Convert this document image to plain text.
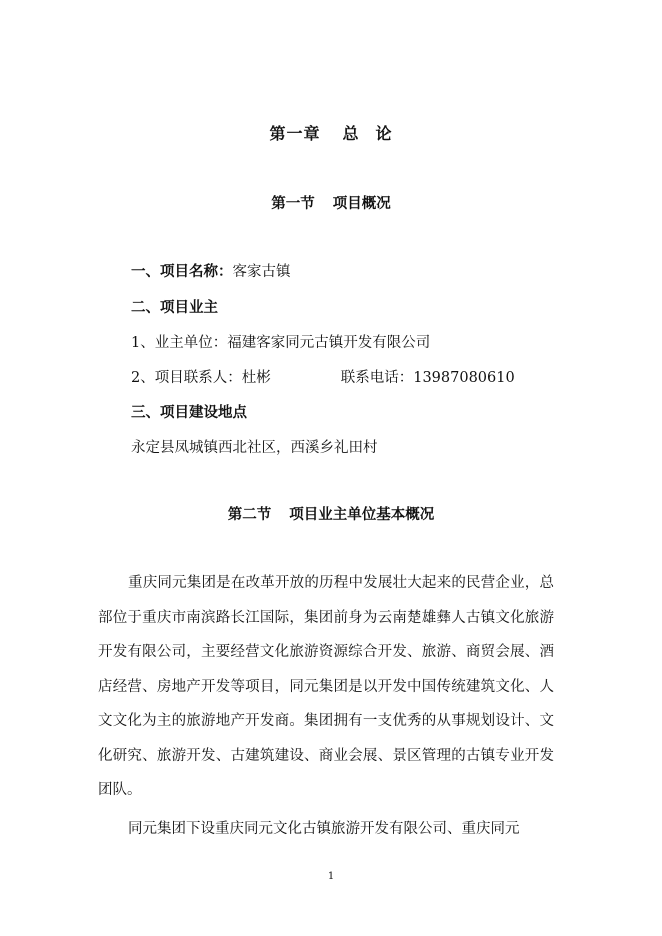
第一章 总 论
第一节 项目概况
一、项目名称：客家古镇
二、项目业主
1、业主单位：福建客家同元古镇开发有限公司
2、项目联系人：杜彬	联系电话：13987080610
三、项目建设地点
永定县凤城镇西北社区，西溪乡礼田村
第二节 项目业主单位基本概况
重庆同元集团是在改革开放的历程中发展壮大起来的民营企业，总部位于重庆市南滨路长江国际，集团前身为云南楚雄彝人古镇文化旅游开发有限公司，主要经营文化旅游资源综合开发、旅游、商贸会展、酒店经营、房地产开发等项目，同元集团是以开发中国传统建筑文化、人文文化为主的旅游地产开发商。集团拥有一支优秀的从事规划设计、文化研究、旅游开发、古建筑建设、商业会展、景区管理的古镇专业开发团队。
同元集团下设重庆同元文化古镇旅游开发有限公司、重庆同元
1
